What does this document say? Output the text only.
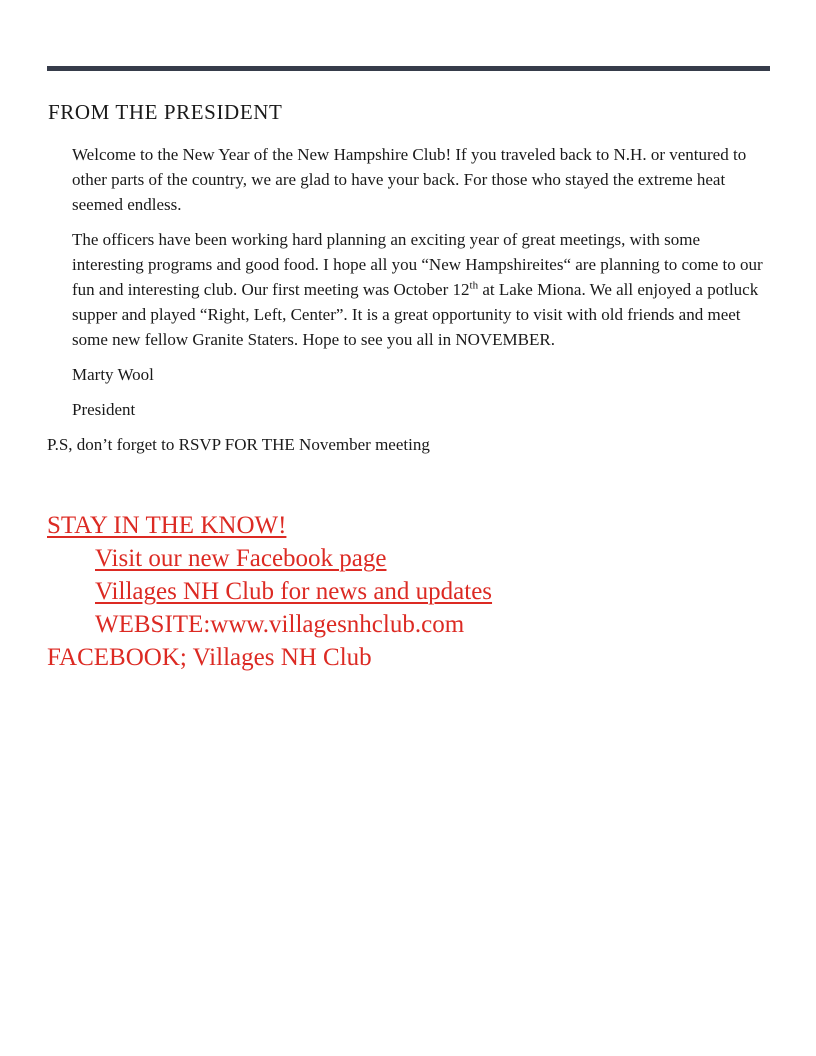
FROM THE PRESIDENT

Welcome to the New Year of the New Hampshire Club! If you traveled back to N.H. or ventured to other parts of the country, we are glad to have your back. For those who stayed the extreme heat seemed endless.

The officers have been working hard planning an exciting year of great meetings, with some interesting programs and good food. I hope all you “New Hampshireites“ are planning to come to our fun and interesting club. Our first meeting was October 12th at Lake Miona. We all enjoyed a potluck supper and played “Right, Left, Center”. It is a great opportunity to visit with old friends and meet some new fellow Granite Staters. Hope to see you all in NOVEMBER.

Marty Wool

President

P.S, don’t forget to RSVP FOR THE November meeting

STAY IN THE KNOW!
Visit our new Facebook page
Villages NH Club for news and updates
WEBSITE:www.villagesnhclub.com
FACEBOOK; Villages NH Club
